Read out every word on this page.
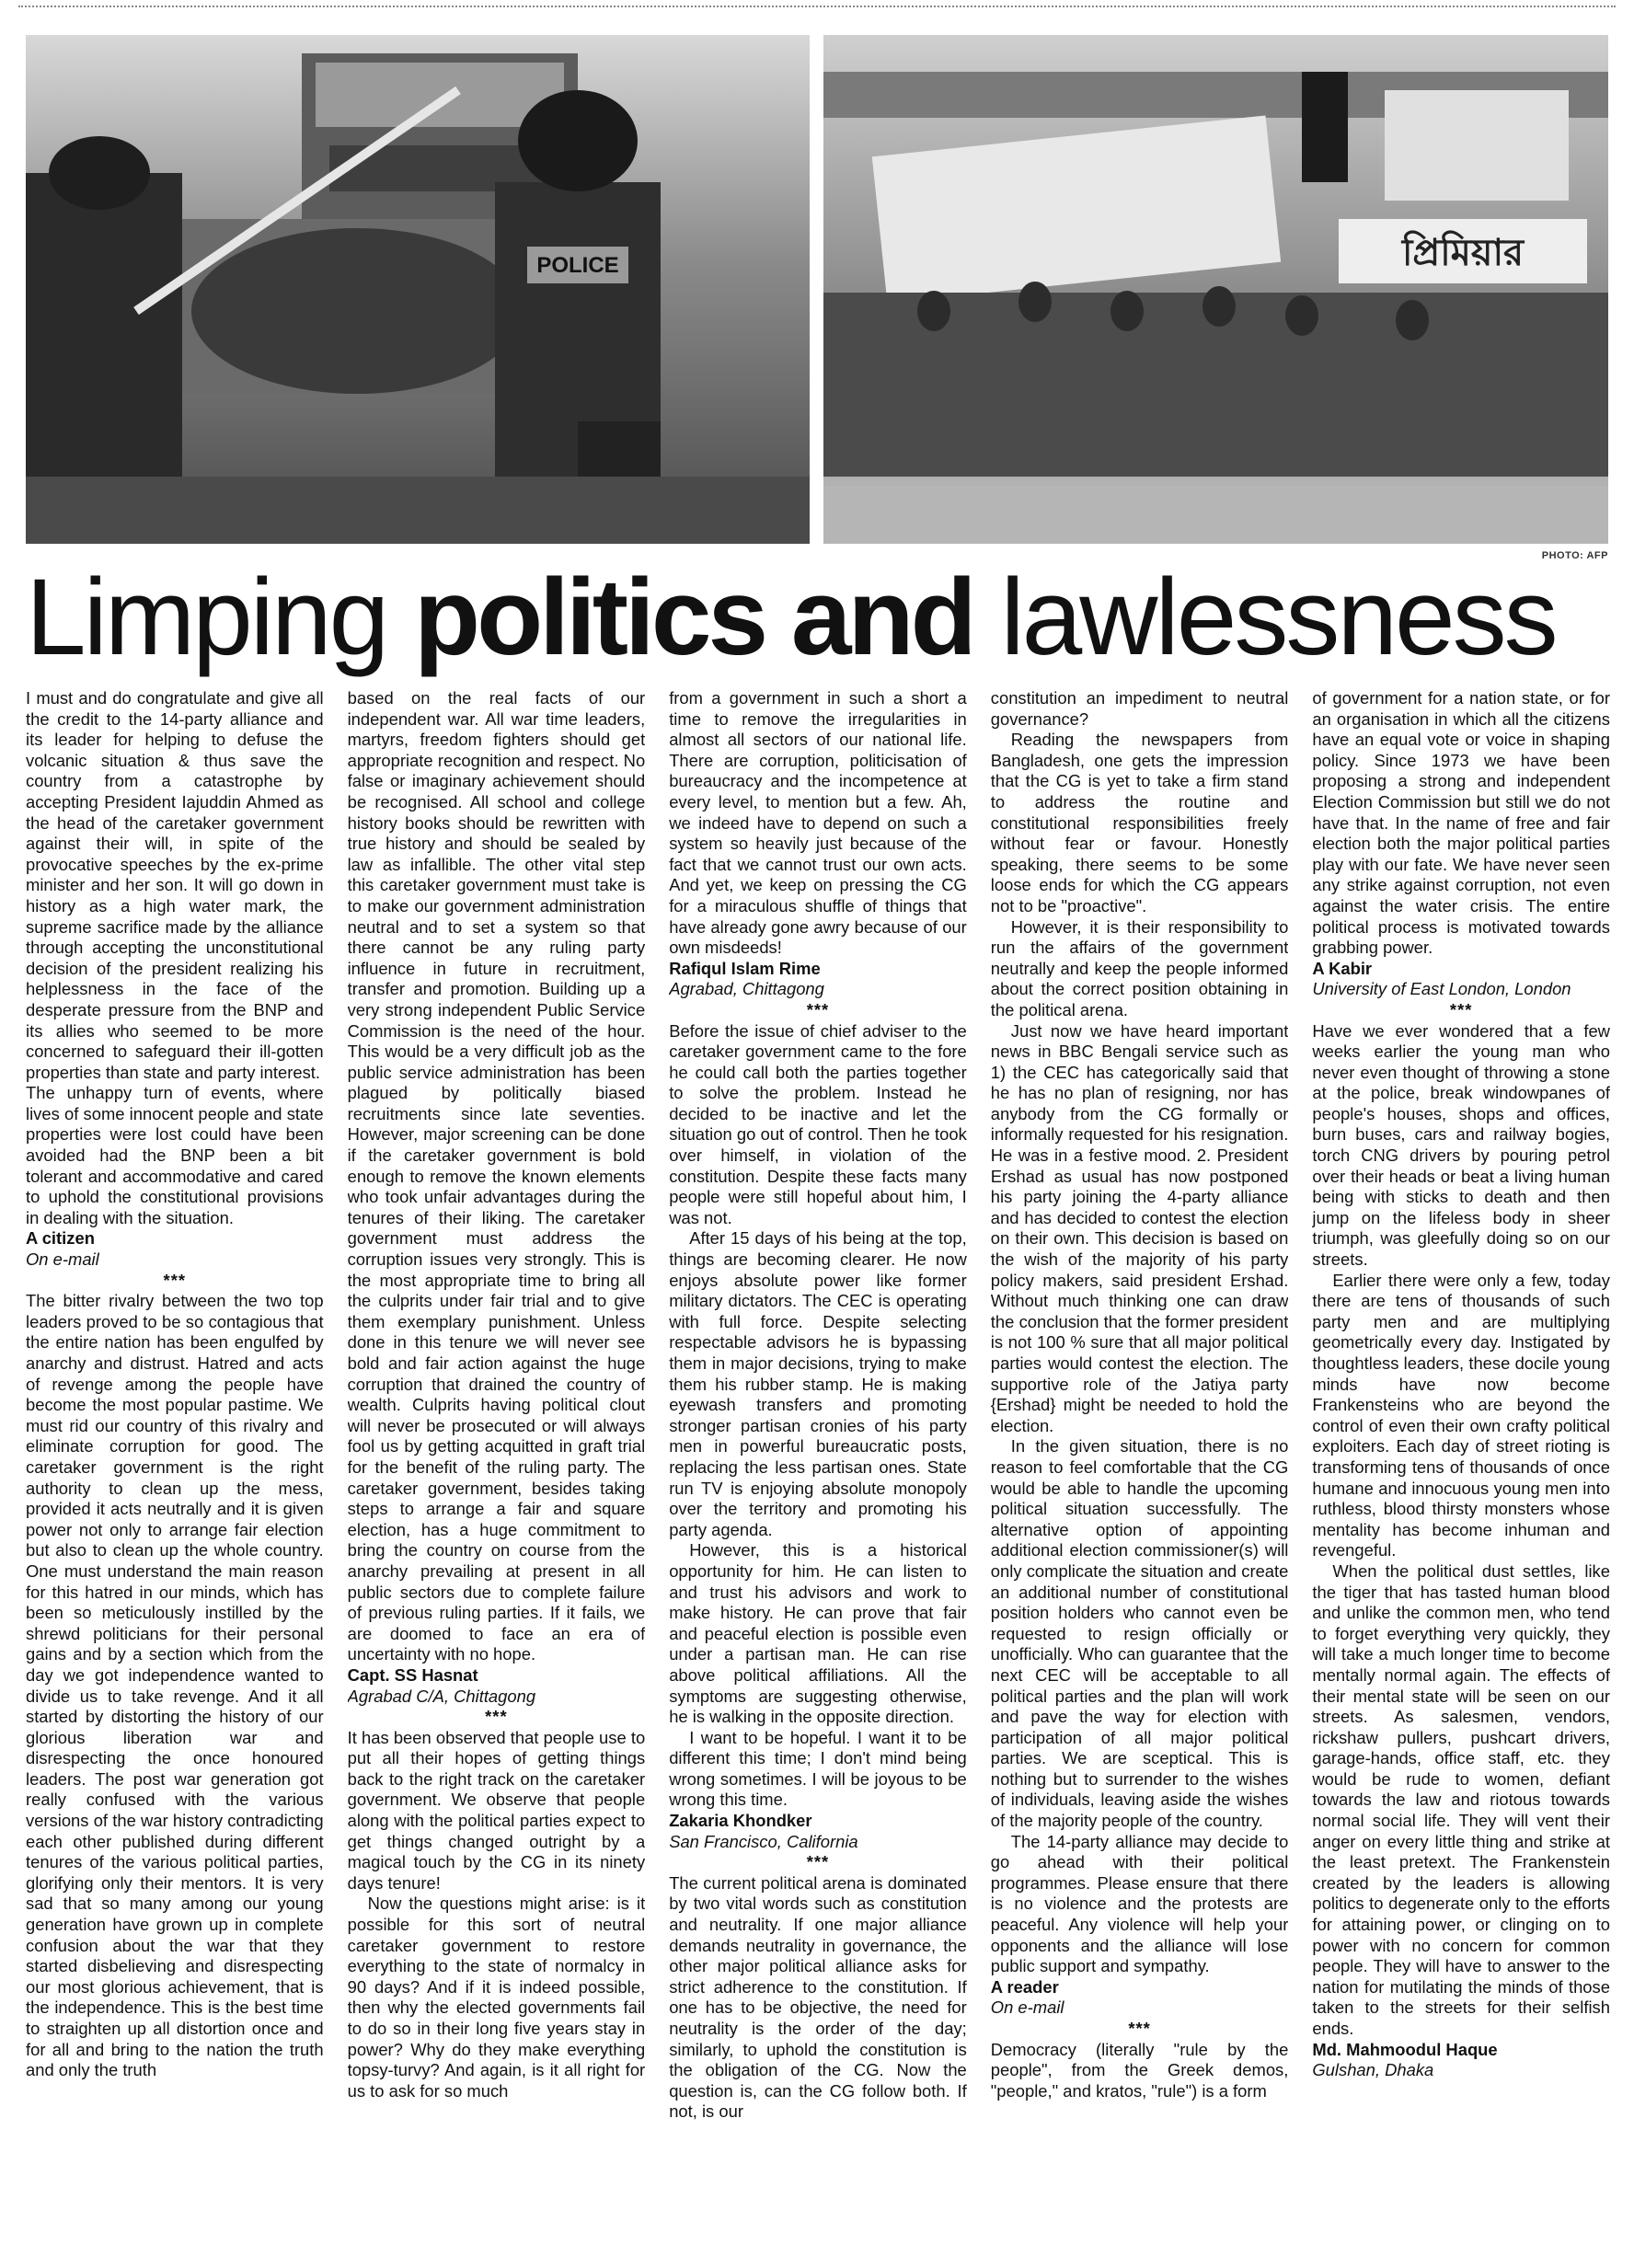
POLICE	প্রিমিয়ার
PHOTO: AFP
Limping politics and lawlessness

I must and do congratulate and give all the credit to the 14-party alliance and its leader for helping to defuse the volcanic situation & thus save the country from a catastrophe by accepting President Iajuddin Ahmed as the head of the caretaker government against their will, in spite of the provocative speeches by the ex-prime minister and her son. It will go down in history as a high water mark, the supreme sacrifice made by the alliance through accepting the unconstitutional decision of the president realizing his helplessness in the face of the desperate pressure from the BNP and its allies who seemed to be more concerned to safeguard their ill-gotten properties than state and party interest.

The unhappy turn of events, where lives of some innocent people and state properties were lost could have been avoided had the BNP been a bit tolerant and accommodative and cared to uphold the constitutional provisions in dealing with the situation.

A citizen

On e-mail

***

The bitter rivalry between the two top leaders proved to be so contagious that the entire nation has been engulfed by anarchy and distrust. Hatred and acts of revenge among the people have become the most popular pastime. We must rid our country of this rivalry and eliminate corruption for good. The caretaker government is the right authority to clean up the mess, provided it acts neutrally and it is given power not only to arrange fair election but also to clean up the whole country. One must understand the main reason for this hatred in our minds, which has been so meticulously instilled by the shrewd politicians for their personal gains and by a section which from the day we got independence wanted to divide us to take revenge. And it all started by distorting the history of our glorious liberation war and disrespecting the once honoured leaders. The post war generation got really confused with the various versions of the war history contradicting each other published during different tenures of the various political parties, glorifying only their mentors. It is very sad that so many among our young generation have grown up in complete confusion about the war that they started disbelieving and disrespecting our most glorious achievement, that is the independence. This is the best time to straighten up all distortion once and for all and bring to the nation the truth and only the truth

based on the real facts of our independent war. All war time leaders, martyrs, freedom fighters should get appropriate recognition and respect. No false or imaginary achievement should be recognised. All school and college history books should be rewritten with true history and should be sealed by law as infallible. The other vital step this caretaker government must take is to make our government administration neutral and to set a system so that there cannot be any ruling party influence in future in recruitment, transfer and promotion. Building up a very strong independent Public Service Commission is the need of the hour. This would be a very difficult job as the public service administration has been plagued by politically biased recruitments since late seventies. However, major screening can be done if the caretaker government is bold enough to remove the known elements who took unfair advantages during the tenures of their liking. The caretaker government must address the corruption issues very strongly. This is the most appropriate time to bring all the culprits under fair trial and to give them exemplary punishment. Unless done in this tenure we will never see bold and fair action against the huge corruption that drained the country of wealth. Culprits having political clout will never be prosecuted or will always fool us by getting acquitted in graft trial for the benefit of the ruling party. The caretaker government, besides taking steps to arrange a fair and square election, has a huge commitment to bring the country on course from the anarchy prevailing at present in all public sectors due to complete failure of previous ruling parties. If it fails, we are doomed to face an era of uncertainty with no hope.

Capt. SS Hasnat

Agrabad C/A, Chittagong

***

It has been observed that people use to put all their hopes of getting things back to the right track on the caretaker government. We observe that people along with the political parties expect to get things changed outright by a magical touch by the CG in its ninety days tenure!

Now the questions might arise: is it possible for this sort of neutral caretaker government to restore everything to the state of normalcy in 90 days? And if it is indeed possible, then why the elected governments fail to do so in their long five years stay in power? Why do they make everything topsy-turvy? And again, is it all right for us to ask for so much

from a government in such a short a time to remove the irregularities in almost all sectors of our national life. There are corruption, politicisation of bureaucracy and the incompetence at every level, to mention but a few. Ah, we indeed have to depend on such a system so heavily just because of the fact that we cannot trust our own acts. And yet, we keep on pressing the CG for a miraculous shuffle of things that have already gone awry because of our own misdeeds!

Rafiqul Islam Rime

Agrabad, Chittagong

***

Before the issue of chief adviser to the caretaker government came to the fore he could call both the parties together to solve the problem. Instead he decided to be inactive and let the situation go out of control. Then he took over himself, in violation of the constitution. Despite these facts many people were still hopeful about him, I was not.

After 15 days of his being at the top, things are becoming clearer. He now enjoys absolute power like former military dictators. The CEC is operating with full force. Despite selecting respectable advisors he is bypassing them in major decisions, trying to make them his rubber stamp. He is making eyewash transfers and promoting stronger partisan cronies of his party men in powerful bureaucratic posts, replacing the less partisan ones. State run TV is enjoying absolute monopoly over the territory and promoting his party agenda.

However, this is a historical opportunity for him. He can listen to and trust his advisors and work to make history. He can prove that fair and peaceful election is possible even under a partisan man. He can rise above political affiliations. All the symptoms are suggesting otherwise, he is walking in the opposite direction.

I want to be hopeful. I want it to be different this time; I don't mind being wrong sometimes. I will be joyous to be wrong this time.

Zakaria Khondker

San Francisco, California

***

The current political arena is dominated by two vital words such as constitution and neutrality. If one major alliance demands neutrality in governance, the other major political alliance asks for strict adherence to the constitution. If one has to be objective, the need for neutrality is the order of the day; similarly, to uphold the constitution is the obligation of the CG. Now the question is, can the CG follow both. If not, is our

constitution an impediment to neutral governance?

Reading the newspapers from Bangladesh, one gets the impression that the CG is yet to take a firm stand to address the routine and constitutional responsibilities freely without fear or favour. Honestly speaking, there seems to be some loose ends for which the CG appears not to be "proactive".

However, it is their responsibility to run the affairs of the government neutrally and keep the people informed about the correct position obtaining in the political arena.

Just now we have heard important news in BBC Bengali service such as 1) the CEC has categorically said that he has no plan of resigning, nor has anybody from the CG formally or informally requested for his resignation. He was in a festive mood. 2. President Ershad as usual has now postponed his party joining the 4-party alliance and has decided to contest the election on their own. This decision is based on the wish of the majority of his party policy makers, said president Ershad. Without much thinking one can draw the conclusion that the former president is not 100 % sure that all major political parties would contest the election. The supportive role of the Jatiya party {Ershad} might be needed to hold the election.

In the given situation, there is no reason to feel comfortable that the CG would be able to handle the upcoming political situation successfully. The alternative option of appointing additional election commissioner(s) will only complicate the situation and create an additional number of constitutional position holders who cannot even be requested to resign officially or unofficially. Who can guarantee that the next CEC will be acceptable to all political parties and the plan will work and pave the way for election with participation of all major political parties. We are sceptical. This is nothing but to surrender to the wishes of individuals, leaving aside the wishes of the majority people of the country.

The 14-party alliance may decide to go ahead with their political programmes. Please ensure that there is no violence and the protests are peaceful. Any violence will help your opponents and the alliance will lose public support and sympathy.

A reader

On e-mail

***

Democracy (literally "rule by the people", from the Greek demos, "people," and kratos, "rule") is a form

of government for a nation state, or for an organisation in which all the citizens have an equal vote or voice in shaping policy. Since 1973 we have been proposing a strong and independent Election Commission but still we do not have that. In the name of free and fair election both the major political parties play with our fate. We have never seen any strike against corruption, not even against the water crisis. The entire political process is motivated towards grabbing power.

A Kabir

University of East London, London

***

Have we ever wondered that a few weeks earlier the young man who never even thought of throwing a stone at the police, break windowpanes of people's houses, shops and offices, burn buses, cars and railway bogies, torch CNG drivers by pouring petrol over their heads or beat a living human being with sticks to death and then jump on the lifeless body in sheer triumph, was gleefully doing so on our streets.

Earlier there were only a few, today there are tens of thousands of such party men and are multiplying geometrically every day. Instigated by thoughtless leaders, these docile young minds have now become Frankensteins who are beyond the control of even their own crafty political exploiters. Each day of street rioting is transforming tens of thousands of once humane and innocuous young men into ruthless, blood thirsty monsters whose mentality has become inhuman and revengeful.

When the political dust settles, like the tiger that has tasted human blood and unlike the common men, who tend to forget everything very quickly, they will take a much longer time to become mentally normal again. The effects of their mental state will be seen on our streets. As salesmen, vendors, rickshaw pullers, pushcart drivers, garage-hands, office staff, etc. they would be rude to women, defiant towards the law and riotous towards normal social life. They will vent their anger on every little thing and strike at the least pretext. The Frankenstein created by the leaders is allowing politics to degenerate only to the efforts for attaining power, or clinging on to power with no concern for common people. They will have to answer to the nation for mutilating the minds of those taken to the streets for their selfish ends.

Md. Mahmoodul Haque

Gulshan, Dhaka
